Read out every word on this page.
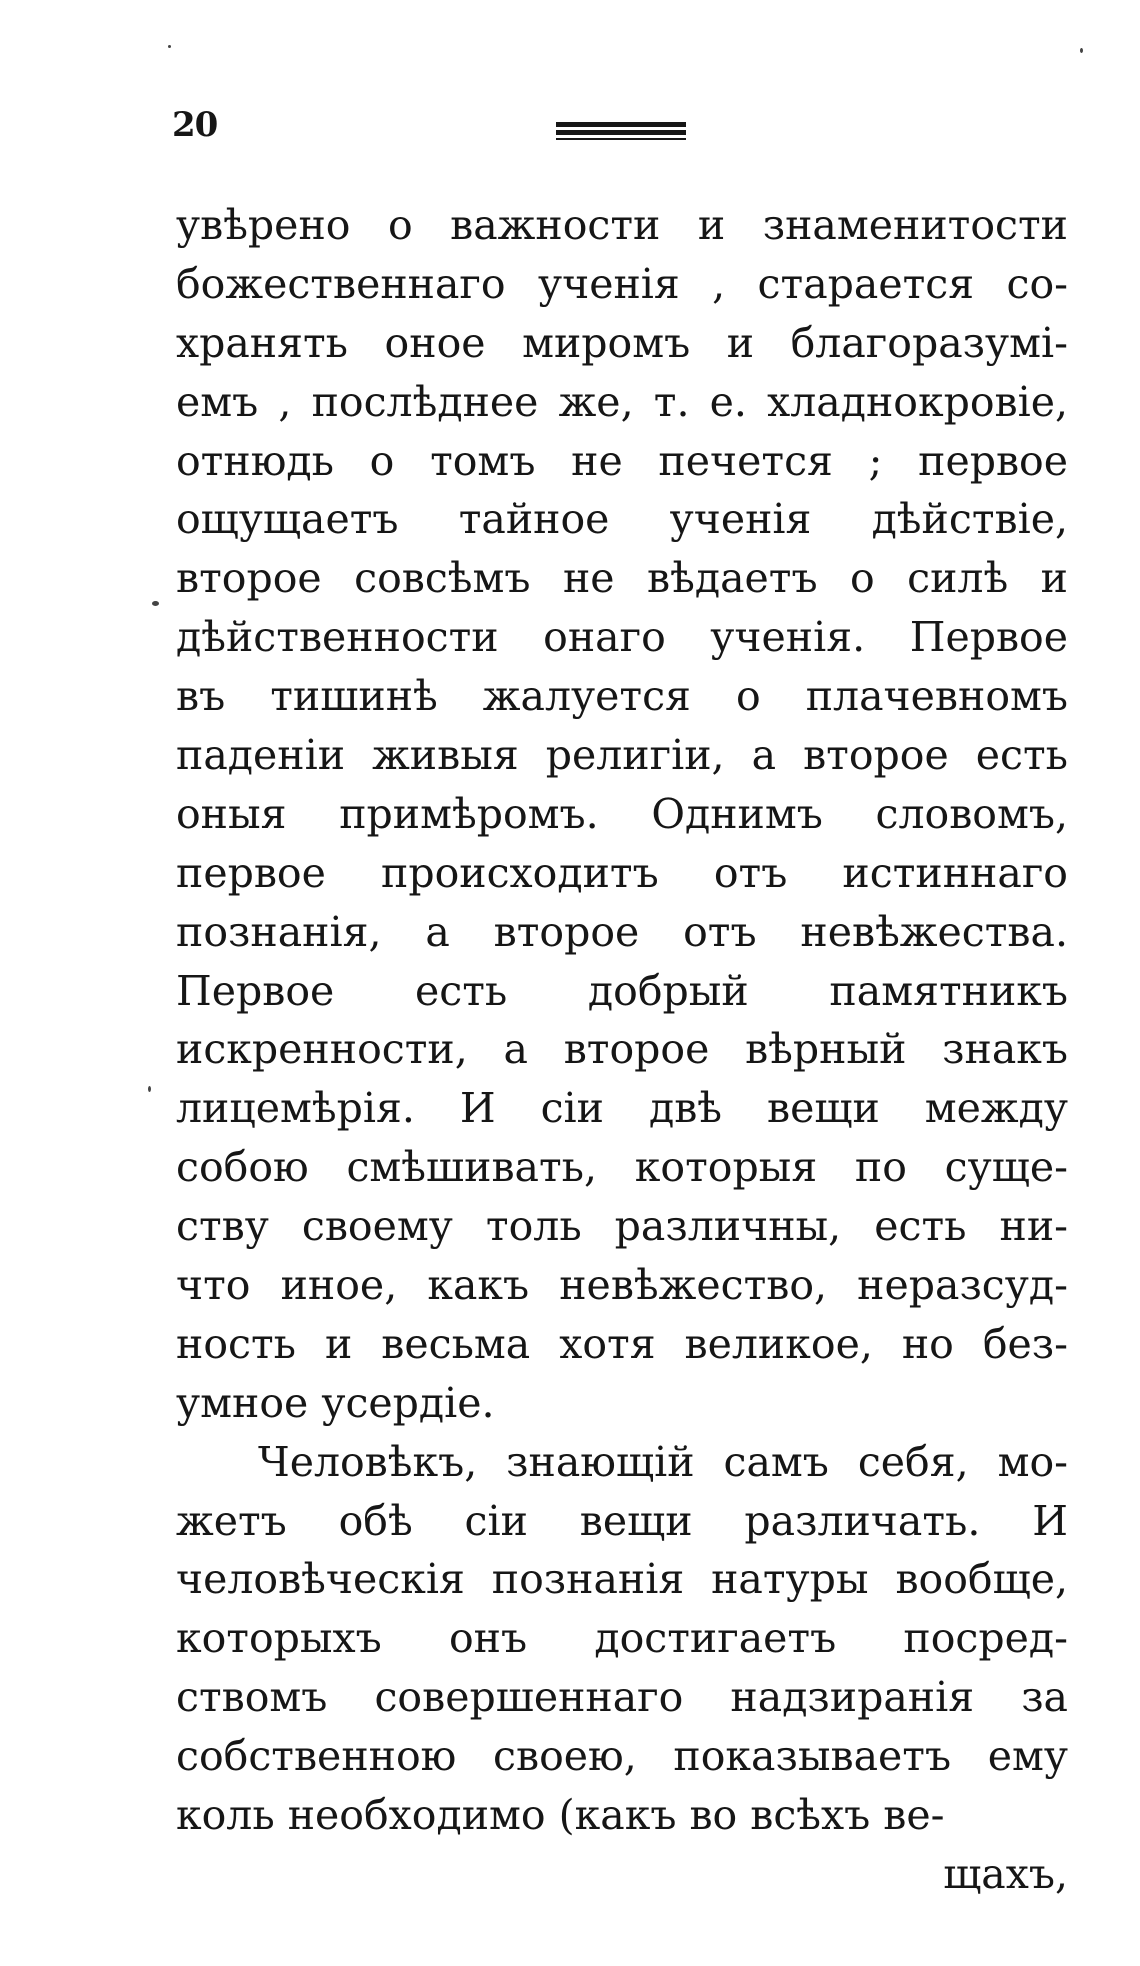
20
увѣрено о важности и знаменитости
божественнаго ученія , старается со-
хранять оное миромъ и благоразумі-
емъ , послѣднее же, т. е. хладнокровіе,
отнюдь о томъ не печется ; первое
ощущаетъ тайное ученія дѣйствіе,
второе совсѣмъ не вѣдаетъ о силѣ и
дѣйственности онаго ученія. Первое
въ тишинѣ жалуется о плачевномъ
паденіи живыя религіи, а второе есть
оныя примѣромъ. Однимъ словомъ,
первое происходитъ отъ истиннаго
познанія, а второе отъ невѣжества.
Первое есть добрый памятникъ
искренности, а второе вѣрный знакъ
лицемѣрія. И сіи двѣ вещи между
собою смѣшивать, которыя по суще-
ству своему толь различны, есть ни-
что иное, какъ невѣжество, неразсуд-
ность и весьма хотя великое, но без-
умное усердіе.
Человѣкъ, знающій самъ себя, мо-
жетъ обѣ сіи вещи различать. И
человѣческія познанія натуры вообще,
которыхъ онъ достигаетъ посред-
ствомъ совершеннаго надзиранія за
собственною своею, показываетъ ему
коль необходимо (какъ во всѣхъ ве-
щахъ,
